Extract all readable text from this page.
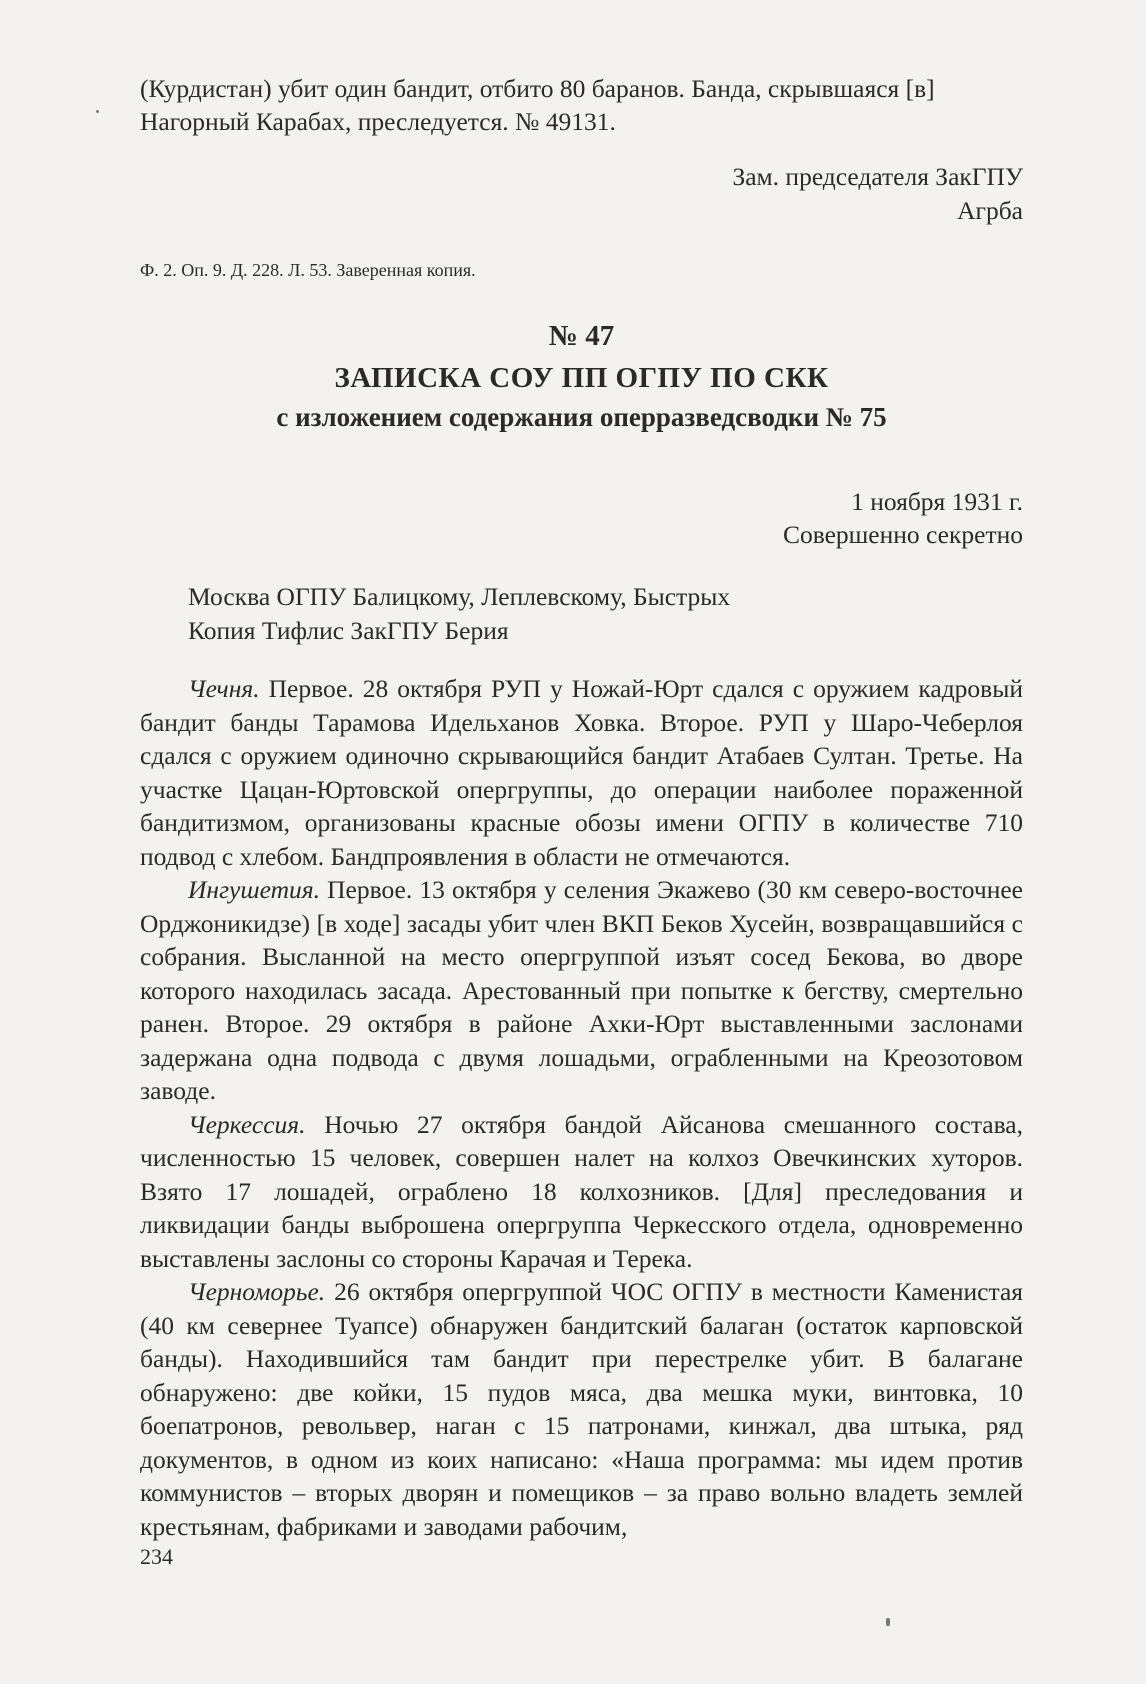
(Курдистан) убит один бандит, отбито 80 баранов. Банда, скрывшаяся [в]
Нагорный Карабах, преследуется. № 49131.
Зам. председателя ЗакГПУ
Агрба
Ф. 2. Оп. 9. Д. 228. Л. 53. Заверенная копия.
№ 47
ЗАПИСКА СОУ ПП ОГПУ ПО СКК
с изложением содержания оперразведсводки № 75
1 ноября 1931 г.
Совершенно секретно
Москва ОГПУ Балицкому, Леплевскому, Быстрых
Копия Тифлис ЗакГПУ Берия

Чечня. Первое. 28 октября РУП у Ножай-Юрт сдался с оружием кадровый бандит банды Тарамова Идельханов Ховка. Второе. РУП у Шаро-Чеберлоя сдался с оружием одиночно скрывающийся бандит Атабаев Султан. Третье. На участке Цацан-Юртовской опергруппы, до операции наиболее пораженной бандитизмом, организованы красные обозы имени ОГПУ в количестве 710 подвод с хлебом. Бандпроявления в области не отмечаются.

Ингушетия. Первое. 13 октября у селения Экажево (30 км северо-восточнее Орджоникидзе) [в ходе] засады убит член ВКП Беков Хусейн, возвращавшийся с собрания. Высланной на место опергруппой изъят сосед Бекова, во дворе которого находилась засада. Арестованный при попытке к бегству, смертельно ранен. Второе. 29 октября в районе Ахки-Юрт выставленными заслонами задержана одна подвода с двумя лошадьми, ограбленными на Креозотовом заводе.

Черкессия. Ночью 27 октября бандой Айсанова смешанного состава, численностью 15 человек, совершен налет на колхоз Овечкинских хуторов. Взято 17 лошадей, ограблено 18 колхозников. [Для] преследования и ликвидации банды выброшена опергруппа Черкесского отдела, одновременно выставлены заслоны со стороны Карачая и Терека.

Черноморье. 26 октября опергруппой ЧОС ОГПУ в местности Каменистая (40 км севернее Туапсе) обнаружен бандитский балаган (остаток карповской банды). Находившийся там бандит при перестрелке убит. В балагане обнаружено: две койки, 15 пудов мяса, два мешка муки, винтовка, 10 боепатронов, револьвер, наган с 15 патронами, кинжал, два штыка, ряд документов, в одном из коих написано: «Наша программа: мы идем против коммунистов – вторых дворян и помещиков – за право вольно владеть землей крестьянам, фабриками и заводами рабочим,

234
